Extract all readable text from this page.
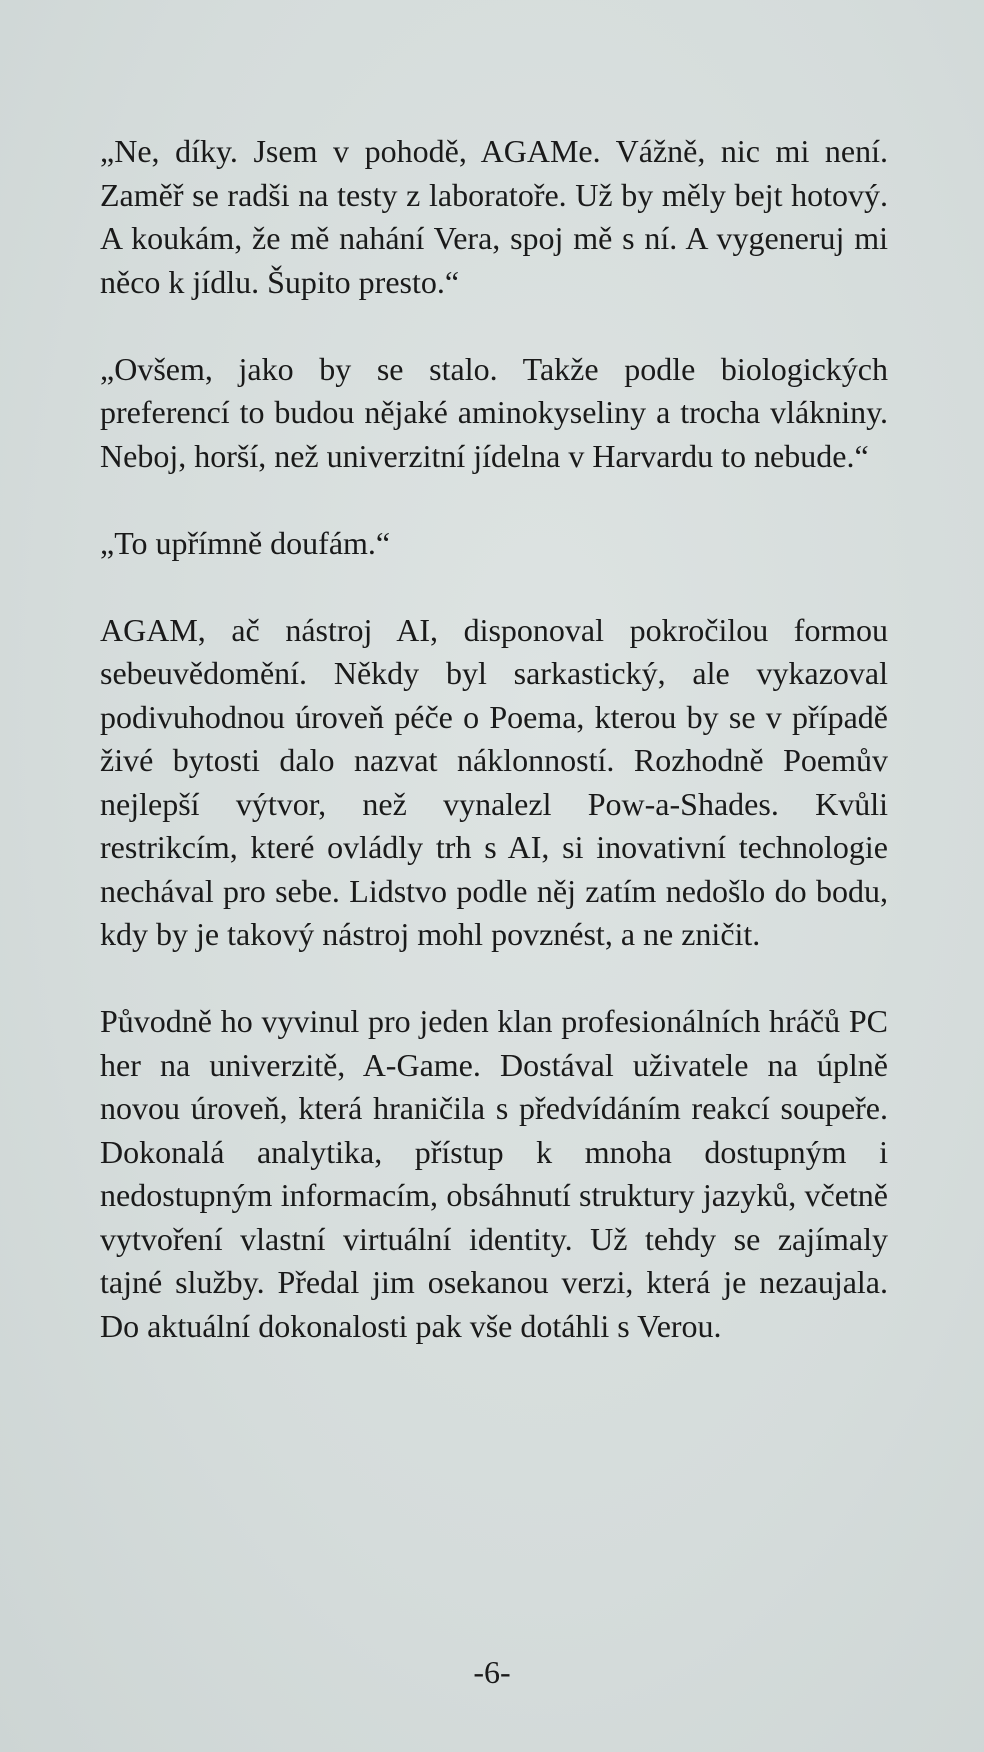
„Ne, díky. Jsem v pohodě, AGAMe. Vážně, nic mi není. Zaměř se radši na testy z laboratoře. Už by měly bejt hotový. A koukám, že mě nahání Vera, spoj mě s ní. A vygeneruj mi něco k jídlu. Šupito presto.“

„Ovšem, jako by se stalo. Takže podle biologických preferencí to budou nějaké aminokyseliny a trocha vlákniny. Neboj, horší, než univerzitní jídelna v Harvardu to nebude.“

„To upřímně doufám.“

AGAM, ač nástroj AI, disponoval pokročilou formou sebeuvědomění. Někdy byl sarkastický, ale vykazoval podivuhodnou úroveň péče o Poema, kterou by se v případě živé bytosti dalo nazvat náklonností. Rozhodně Poemův nejlepší výtvor, než vynalezl Pow-a-Shades. Kvůli restrikcím, které ovládly trh s AI, si inovativní technologie nechával pro sebe. Lidstvo podle něj zatím nedošlo do bodu, kdy by je takový nástroj mohl povznést, a ne zničit.

Původně ho vyvinul pro jeden klan profesionálních hráčů PC her na univerzitě, A-Game. Dostával uživatele na úplně novou úroveň, která hraničila s předvídáním reakcí soupeře. Dokonalá analytika, přístup k mnoha dostupným i nedostupným informacím, obsáhnutí struktury jazyků, včetně vytvoření vlastní virtuální identity. Už tehdy se zajímaly tajné služby. Předal jim osekanou verzi, která je nezaujala. Do aktuální dokonalosti pak vše dotáhli s Verou.

-6-
